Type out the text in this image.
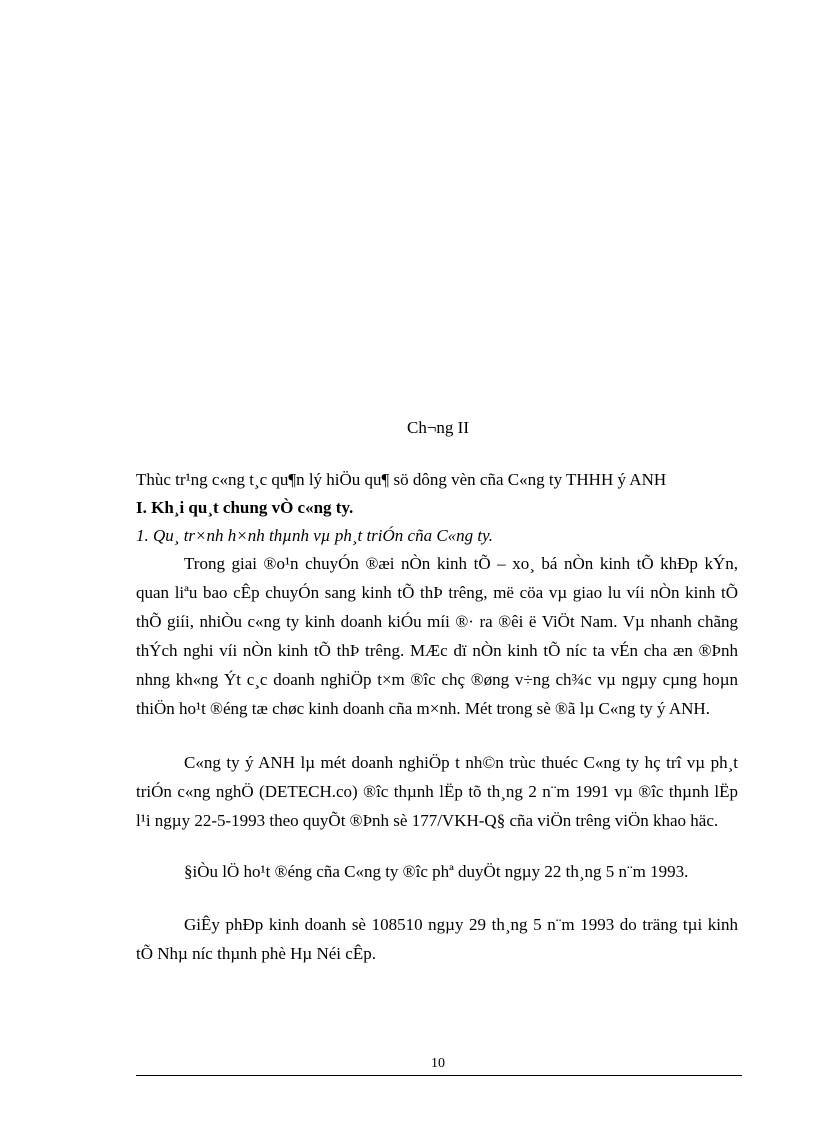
Ch¬ng II
Thùc tr¹ng c«ng t¸c qu¶n lý hiÖu qu¶ sö dông vèn cña C«ng ty THHH ý ANH
I. Kh¸i qu¸t chung vÒ c«ng ty.
1. Qu¸ tr×nh h×nh thµnh vµ ph¸t triÓn cña C«ng ty.
Trong giai ®o¹n chuyÓn ®æi nÒn kinh tÕ – xo¸ bá nÒn kinh tÕ khÐp kÝn, quan liªu bao cÊp chuyÓn sang kinh tÕ thÞ trêng, më cöa vµ giao lu víi nÒn kinh tÕ thÕ giíi, nhiÒu c«ng ty kinh doanh kiÓu míi ®· ra ®êi ë ViÖt Nam. Vµ nhanh chãng thÝch nghi víi nÒn kinh tÕ thÞ trêng. MÆc dï nÒn kinh tÕ níc ta vÉn cha æn ®Þnh nhng kh«ng Ýt c¸c doanh nghiÖp t×m ®îc chç ®øng v÷ng ch¾c vµ ngµy cµng hoµn thiÖn ho¹t ®éng tæ chøc kinh doanh cña m×nh. Mét trong sè ®ã lµ C«ng ty ý ANH.
C«ng ty ý ANH lµ mét doanh nghiÖp t nh©n trùc thuéc C«ng ty hç trî vµ ph¸t triÓn c«ng nghÖ (DETECH.co) ®îc thµnh lËp tõ th¸ng 2 n¨m 1991 vµ ®îc thµnh lËp l¹i ngµy 22-5-1993 theo quyÕt ®Þnh sè 177/VKH-Q§ cña viÖn trêng viÖn khao häc.
§iÒu lÖ ho¹t ®éng cña C«ng ty ®îc phª duyÖt ngµy 22 th¸ng 5 n¨m 1993.
GiÊy phÐp kinh doanh sè 108510 ngµy 29 th¸ng 5 n¨m 1993 do träng tµi kinh tÕ Nhµ níc thµnh phè Hµ Néi cÊp.
10
